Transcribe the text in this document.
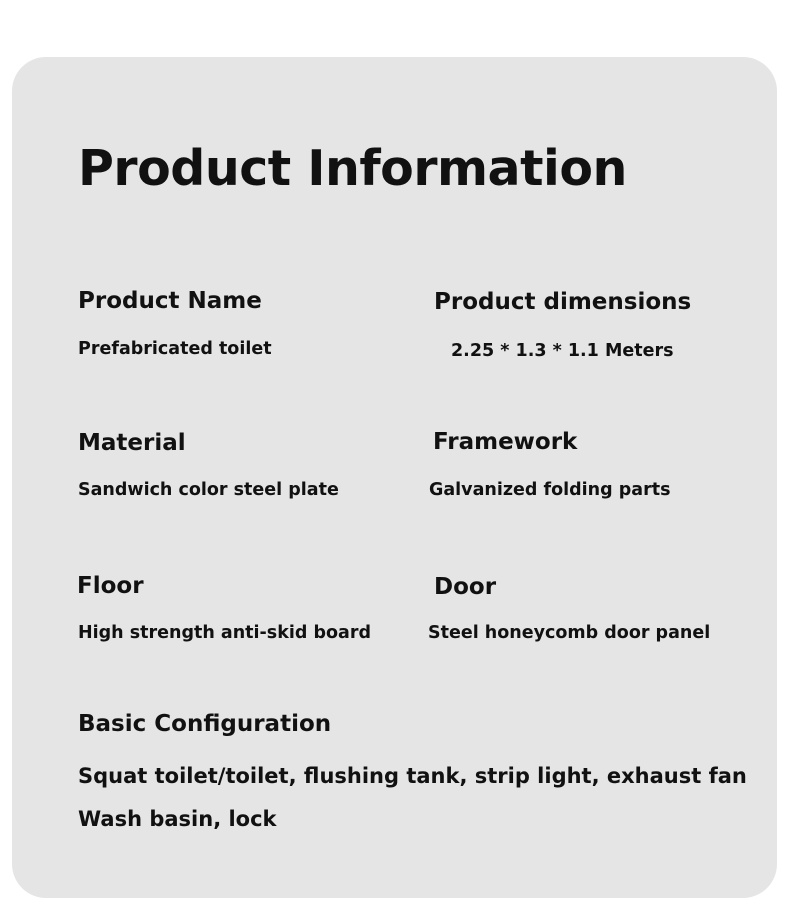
Product Information
Product Name
Prefabricated toilet
Product dimensions
2.25 * 1.3 * 1.1 Meters
Material
Sandwich color steel plate
Framework
Galvanized folding parts
Floor
High strength anti-skid board
Door
Steel honeycomb door panel
Basic Configuration
Squat toilet/toilet, flushing tank, strip light, exhaust fan
Wash basin, lock
